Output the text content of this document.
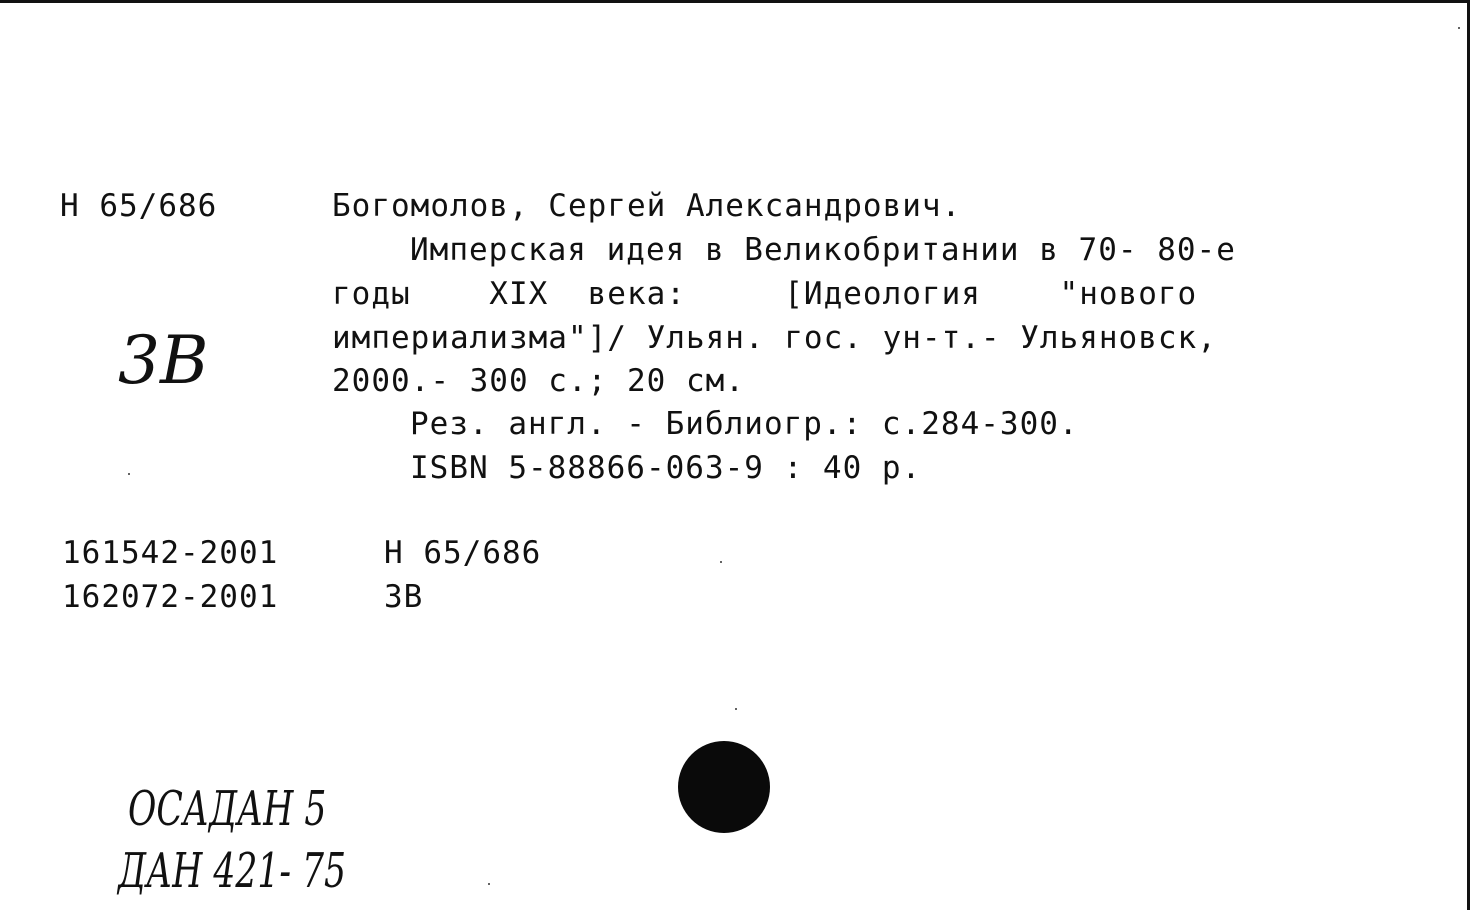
H 65/686
3B
Богомолов, Сергей Александрович.
Имперская идея в Великобритании в 70- 80-е
годы    XIX  века:     [Идеология    "нового
империализма"]/ Ульян. гос. ун-т.- Ульяновск,
2000.- 300 с.; 20 см.
Рез. англ. - Библиогр.: с.284-300.
ISBN 5-88866-063-9 : 40 р.
161542-2001	H 65/686
162072-2001	3B
ОСАДАН 5
ДАН 421- 75
